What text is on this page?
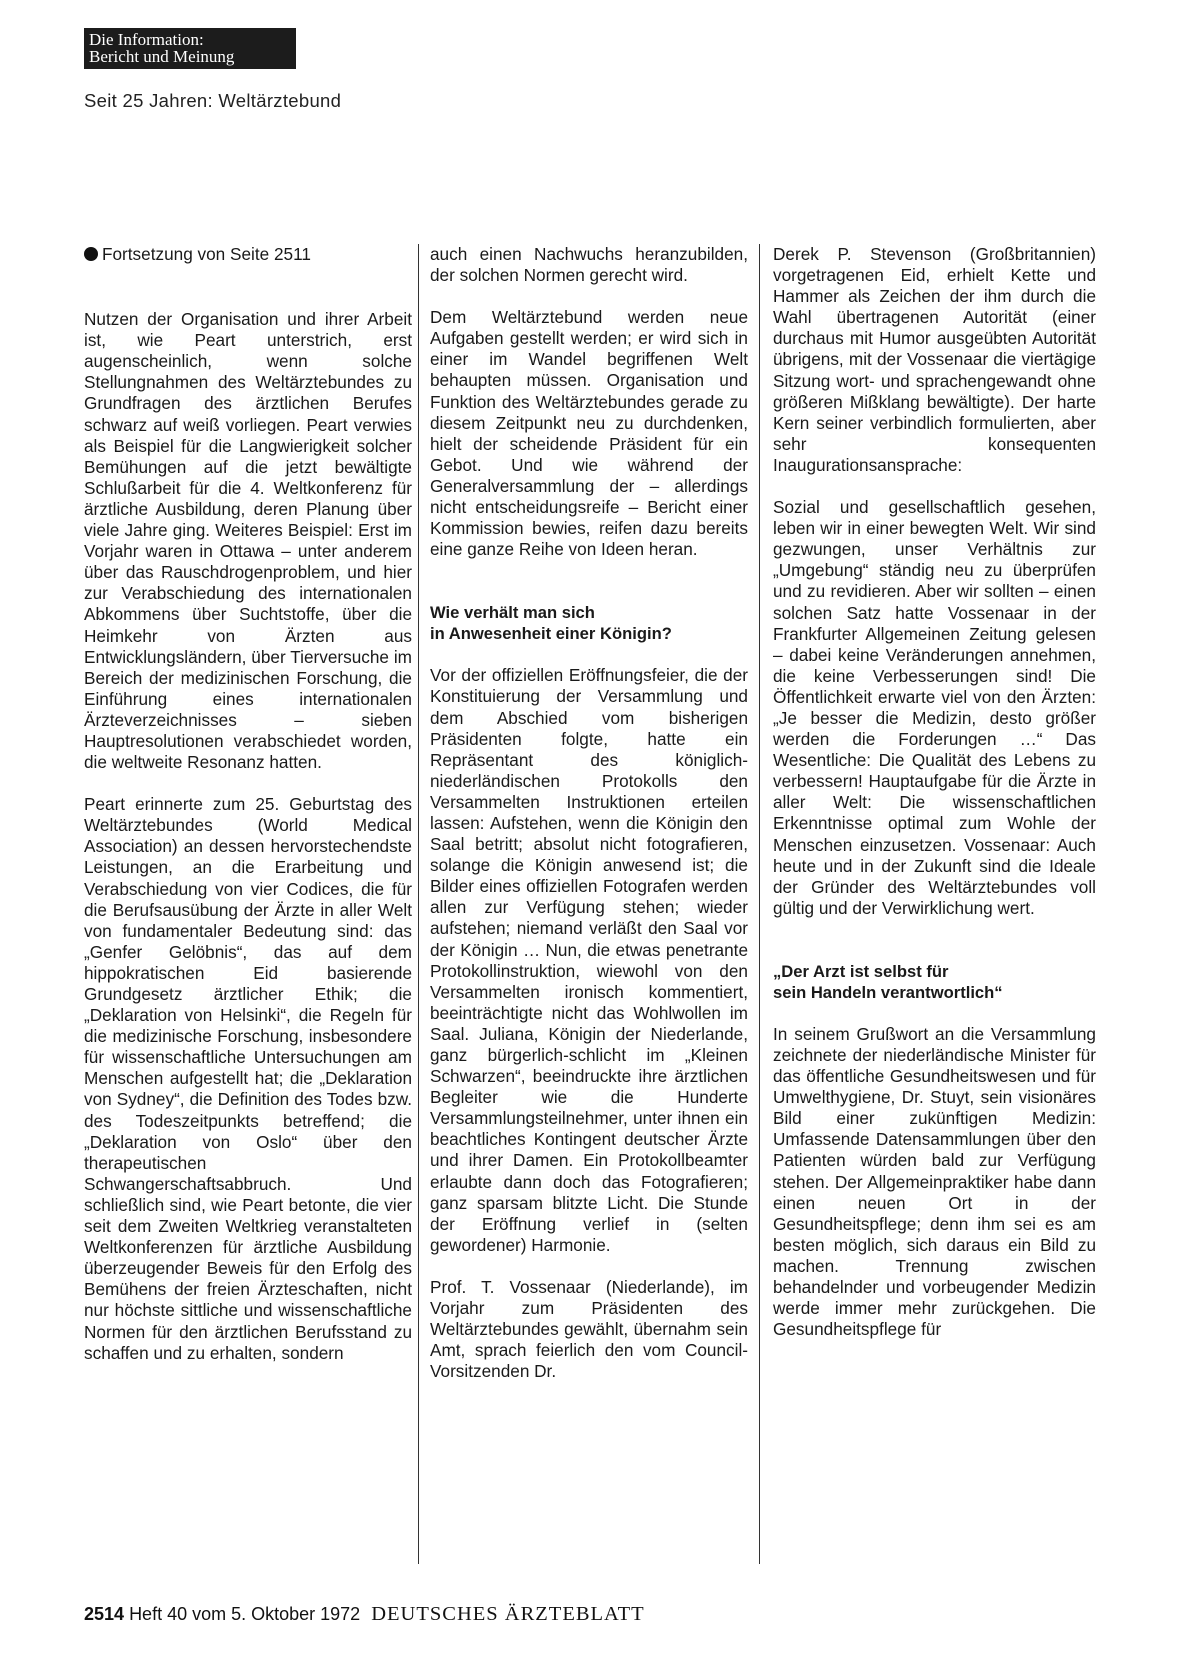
Die Information:
Bericht und Meinung
Seit 25 Jahren: Weltärztebund

Fortsetzung von Seite 2511

Nutzen der Organisation und ihrer Arbeit ist, wie Peart unterstrich, erst augenscheinlich, wenn solche Stellungnahmen des Weltärztebundes zu Grundfragen des ärztlichen Berufes schwarz auf weiß vorliegen. Peart verwies als Beispiel für die Langwierigkeit solcher Bemühungen auf die jetzt bewältigte Schlußarbeit für die 4. Weltkonferenz für ärztliche Ausbildung, deren Planung über viele Jahre ging. Weiteres Beispiel: Erst im Vorjahr waren in Ottawa – unter anderem über das Rauschdrogenproblem, und hier zur Verabschiedung des internationalen Abkommens über Suchtstoffe, über die Heimkehr von Ärzten aus Entwicklungsländern, über Tierversuche im Bereich der medizinischen Forschung, die Einführung eines internationalen Ärzteverzeichnisses – sieben Hauptresolutionen verabschiedet worden, die weltweite Resonanz hatten.

Peart erinnerte zum 25. Geburtstag des Weltärztebundes (World Medical Association) an dessen hervorstechendste Leistungen, an die Erarbeitung und Verabschiedung von vier Codices, die für die Berufsausübung der Ärzte in aller Welt von fundamentaler Bedeutung sind: das „Genfer Gelöbnis“, das auf dem hippokratischen Eid basierende Grundgesetz ärztlicher Ethik; die „Deklaration von Helsinki“, die Regeln für die medizinische Forschung, insbesondere für wissenschaftliche Untersuchungen am Menschen aufgestellt hat; die „Deklaration von Sydney“, die Definition des Todes bzw. des Todeszeitpunkts betreffend; die „Deklaration von Oslo“ über den therapeutischen Schwangerschaftsabbruch. Und schließlich sind, wie Peart betonte, die vier seit dem Zweiten Weltkrieg veranstalteten Weltkonferenzen für ärztliche Ausbildung überzeugender Beweis für den Erfolg des Bemühens der freien Ärzteschaften, nicht nur höchste sittliche und wissenschaftliche Normen für den ärztlichen Berufsstand zu schaffen und zu erhalten, sondern

auch einen Nachwuchs heranzubilden, der solchen Normen gerecht wird.

Dem Weltärztebund werden neue Aufgaben gestellt werden; er wird sich in einer im Wandel begriffenen Welt behaupten müssen. Organisation und Funktion des Weltärztebundes gerade zu diesem Zeitpunkt neu zu durchdenken, hielt der scheidende Präsident für ein Gebot. Und wie während der Generalversammlung der – allerdings nicht entscheidungsreife – Bericht einer Kommission bewies, reifen dazu bereits eine ganze Reihe von Ideen heran.

Wie verhält man sich
in Anwesenheit einer Königin?

Vor der offiziellen Eröffnungsfeier, die der Konstituierung der Versammlung und dem Abschied vom bisherigen Präsidenten folgte, hatte ein Repräsentant des königlich-niederländischen Protokolls den Versammelten Instruktionen erteilen lassen: Aufstehen, wenn die Königin den Saal betritt; absolut nicht fotografieren, solange die Königin anwesend ist; die Bilder eines offiziellen Fotografen werden allen zur Verfügung stehen; wieder aufstehen; niemand verläßt den Saal vor der Königin … Nun, die etwas penetrante Protokollinstruktion, wiewohl von den Versammelten ironisch kommentiert, beeinträchtigte nicht das Wohlwollen im Saal. Juliana, Königin der Niederlande, ganz bürgerlich-schlicht im „Kleinen Schwarzen“, beeindruckte ihre ärztlichen Begleiter wie die Hunderte Versammlungsteilnehmer, unter ihnen ein beachtliches Kontingent deutscher Ärzte und ihrer Damen. Ein Protokollbeamter erlaubte dann doch das Fotografieren; ganz sparsam blitzte Licht. Die Stunde der Eröffnung verlief in (selten gewordener) Harmonie.

Prof. T. Vossenaar (Niederlande), im Vorjahr zum Präsidenten des Weltärztebundes gewählt, übernahm sein Amt, sprach feierlich den vom Council-Vorsitzenden Dr.

Derek P. Stevenson (Großbritannien) vorgetragenen Eid, erhielt Kette und Hammer als Zeichen der ihm durch die Wahl übertragenen Autorität (einer durchaus mit Humor ausgeübten Autorität übrigens, mit der Vossenaar die viertägige Sitzung wort- und sprachengewandt ohne größeren Mißklang bewältigte). Der harte Kern seiner verbindlich formulierten, aber sehr konsequenten Inaugurationsansprache:

Sozial und gesellschaftlich gesehen, leben wir in einer bewegten Welt. Wir sind gezwungen, unser Verhältnis zur „Umgebung“ ständig neu zu überprüfen und zu revidieren. Aber wir sollten – einen solchen Satz hatte Vossenaar in der Frankfurter Allgemeinen Zeitung gelesen – dabei keine Veränderungen annehmen, die keine Verbesserungen sind! Die Öffentlichkeit erwarte viel von den Ärzten: „Je besser die Medizin, desto größer werden die Forderungen …“ Das Wesentliche: Die Qualität des Lebens zu verbessern! Hauptaufgabe für die Ärzte in aller Welt: Die wissenschaftlichen Erkenntnisse optimal zum Wohle der Menschen einzusetzen. Vossenaar: Auch heute und in der Zukunft sind die Ideale der Gründer des Weltärztebundes voll gültig und der Verwirklichung wert.

„Der Arzt ist selbst für
sein Handeln verantwortlich“

In seinem Grußwort an die Versammlung zeichnete der niederländische Minister für das öffentliche Gesundheitswesen und für Umwelthygiene, Dr. Stuyt, sein visionäres Bild einer zukünftigen Medizin: Umfassende Datensammlungen über den Patienten würden bald zur Verfügung stehen. Der Allgemeinpraktiker habe dann einen neuen Ort in der Gesundheitspflege; denn ihm sei es am besten möglich, sich daraus ein Bild zu machen. Trennung zwischen behandelnder und vorbeugender Medizin werde immer mehr zurückgehen. Die Gesundheitspflege für

2514 Heft 40 vom 5. Oktober 1972 DEUTSCHES ÄRZTEBLATT
